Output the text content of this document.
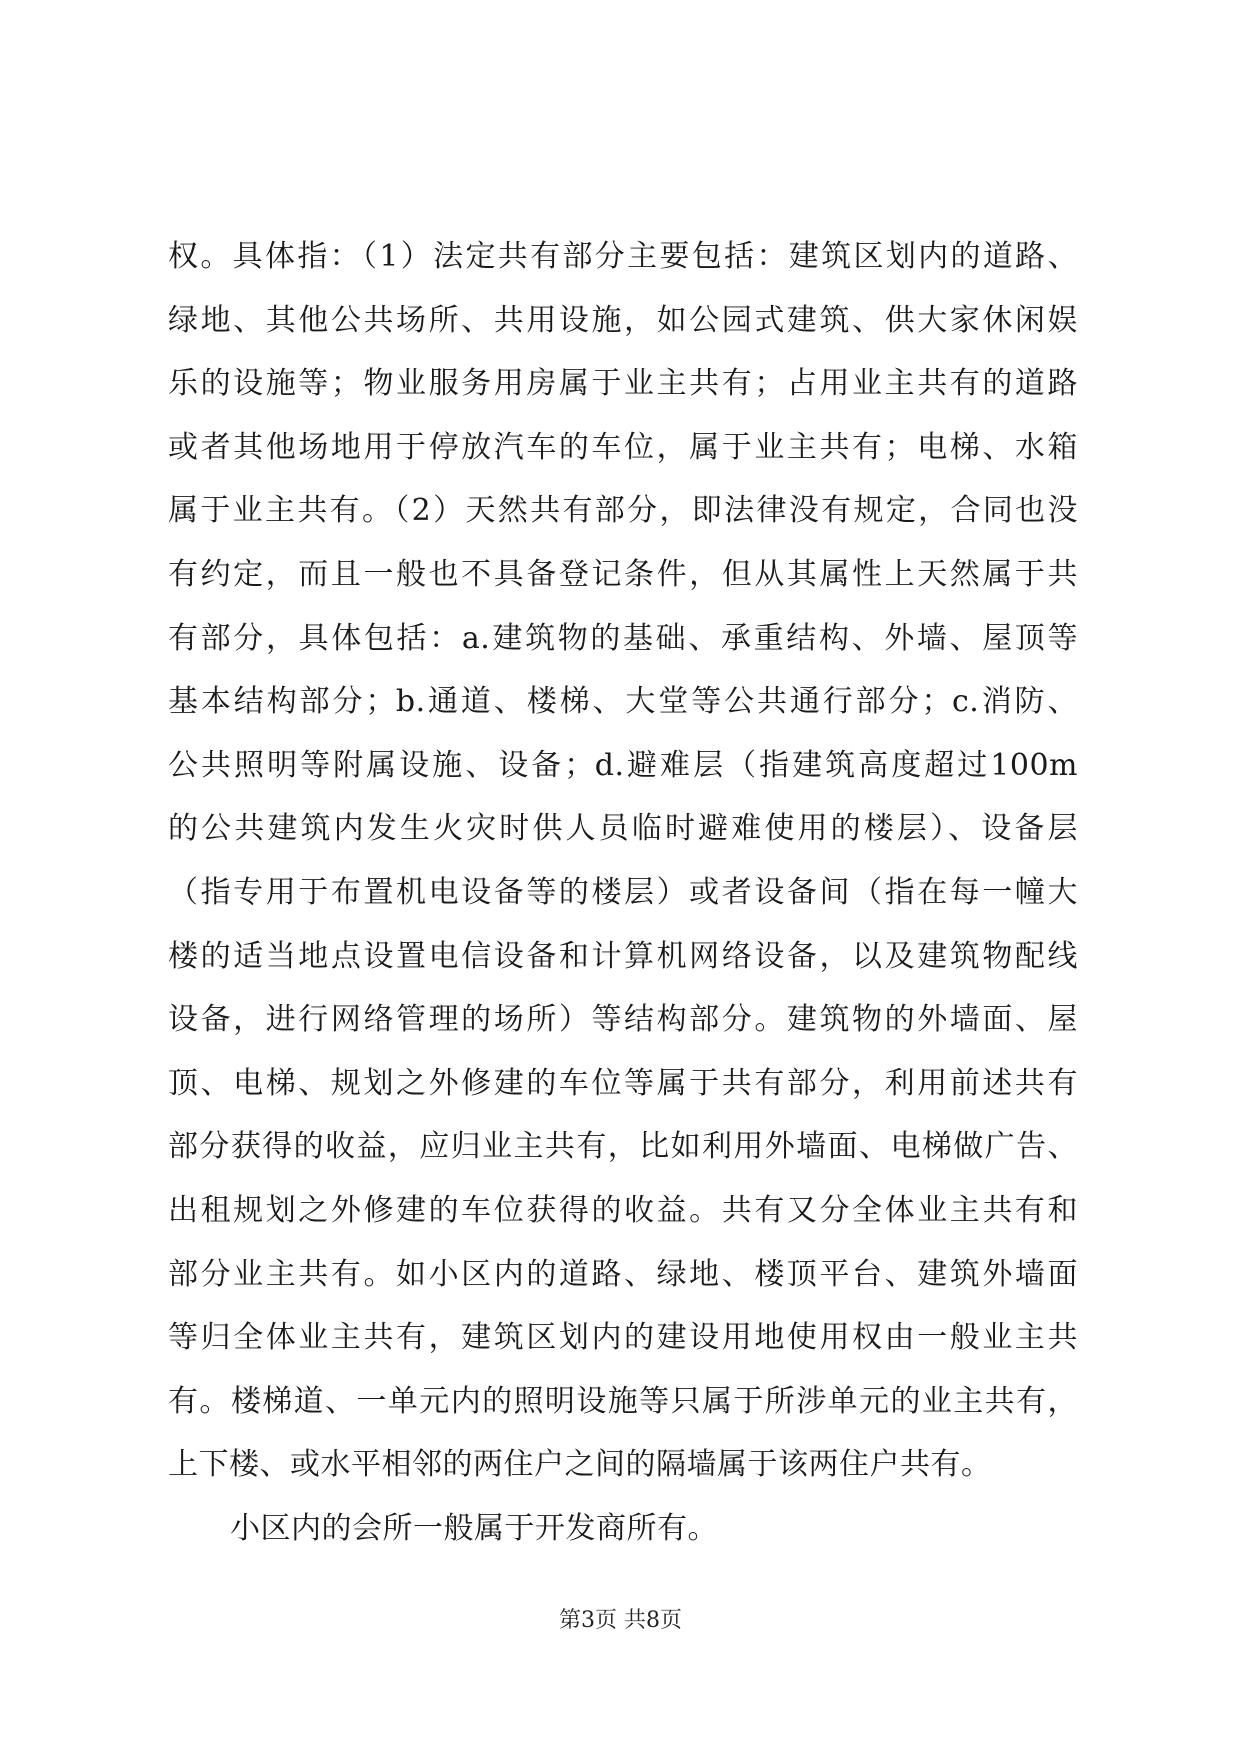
权。具体指：（1）法定共有部分主要包括：建筑区划内的道路、
绿地、其他公共场所、共用设施，如公园式建筑、供大家休闲娱
乐的设施等；物业服务用房属于业主共有；占用业主共有的道路
或者其他场地用于停放汽车的车位，属于业主共有；电梯、水箱
属于业主共有。（2）天然共有部分，即法律没有规定，合同也没
有约定，而且一般也不具备登记条件，但从其属性上天然属于共
有部分，具体包括：a.建筑物的基础、承重结构、外墙、屋顶等
基本结构部分；b.通道、楼梯、大堂等公共通行部分；c.消防、
公共照明等附属设施、设备；d.避难层（指建筑高度超过100m
的公共建筑内发生火灾时供人员临时避难使用的楼层）、设备层
（指专用于布置机电设备等的楼层）或者设备间（指在每一幢大
楼的适当地点设置电信设备和计算机网络设备，以及建筑物配线
设备，进行网络管理的场所）等结构部分。建筑物的外墙面、屋
顶、电梯、规划之外修建的车位等属于共有部分，利用前述共有
部分获得的收益，应归业主共有，比如利用外墙面、电梯做广告、
出租规划之外修建的车位获得的收益。共有又分全体业主共有和
部分业主共有。如小区内的道路、绿地、楼顶平台、建筑外墙面
等归全体业主共有，建筑区划内的建设用地使用权由一般业主共
有。楼梯道、一单元内的照明设施等只属于所涉单元的业主共有，
上下楼、或水平相邻的两住户之间的隔墙属于该两住户共有。
小区内的会所一般属于开发商所有。
第3页 共8页
